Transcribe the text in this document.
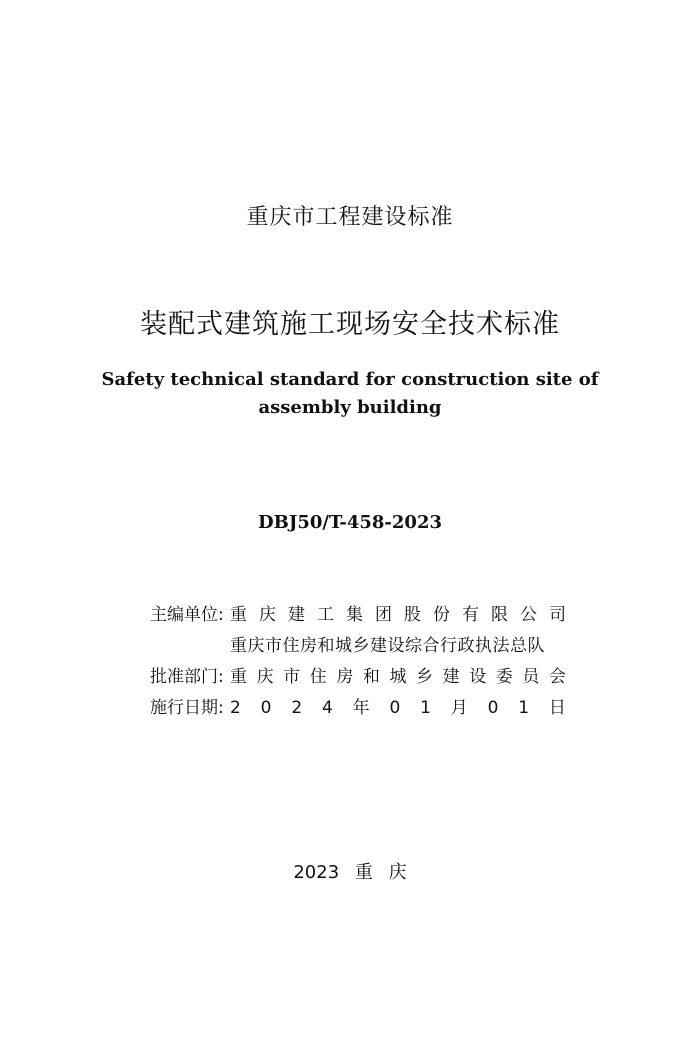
重庆市工程建设标准
装配式建筑施工现场安全技术标准
Safety technical standard for construction site of
assembly building
DBJ50/T-458-2023
主编单位: 重 庆 建 工 集 团 股 份 有 限 公 司
重庆市住房和城乡建设综合行政执法总队
批准部门: 重 庆 市 住 房 和 城 乡 建 设 委 员 会
施行日期: 2 0 2 4 年 0 1 月 0 1 日
2023 重 庆
